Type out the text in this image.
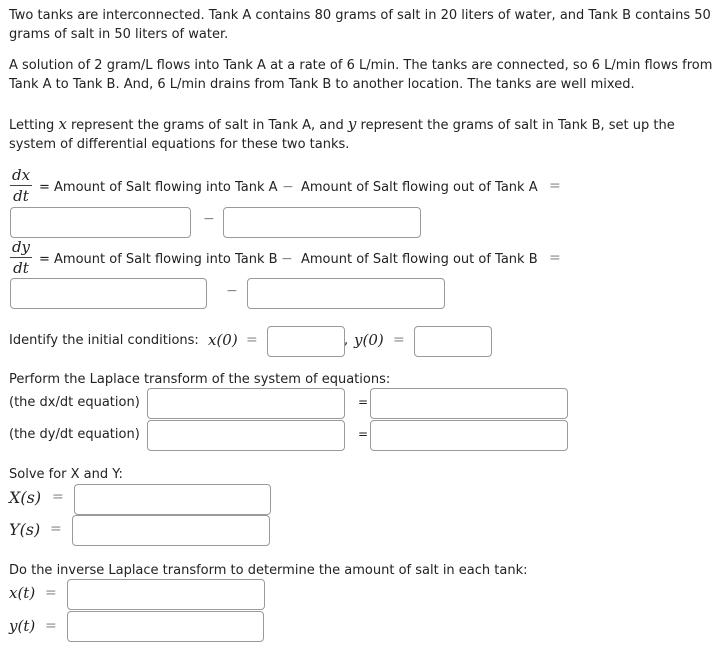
Two tanks are interconnected. Tank A contains 80 grams of salt in 20 liters of water, and Tank B contains 50 grams of salt in 50 liters of water.
A solution of 2 gram/L flows into Tank A at a rate of 6 L/min. The tanks are connected, so 6 L/min flows from Tank A to Tank B. And, 6 L/min drains from Tank B to another location. The tanks are well mixed.
Letting x represent the grams of salt in Tank A, and y represent the grams of salt in Tank B, set up the system of differential equations for these two tanks.
dx
dt = Amount of Salt flowing into Tank A − Amount of Salt flowing out of Tank A =
−
dy
dt = Amount of Salt flowing into Tank B − Amount of Salt flowing out of Tank B =
−
Identify the initial conditions: x(0) =	, y(0) =
Perform the Laplace transform of the system of equations:
(the dx/dt equation)	=
(the dy/dt equation)	=
Solve for X and Y:
X(s) =
Y(s) =
Do the inverse Laplace transform to determine the amount of salt in each tank:
x(t) =
y(t) =
